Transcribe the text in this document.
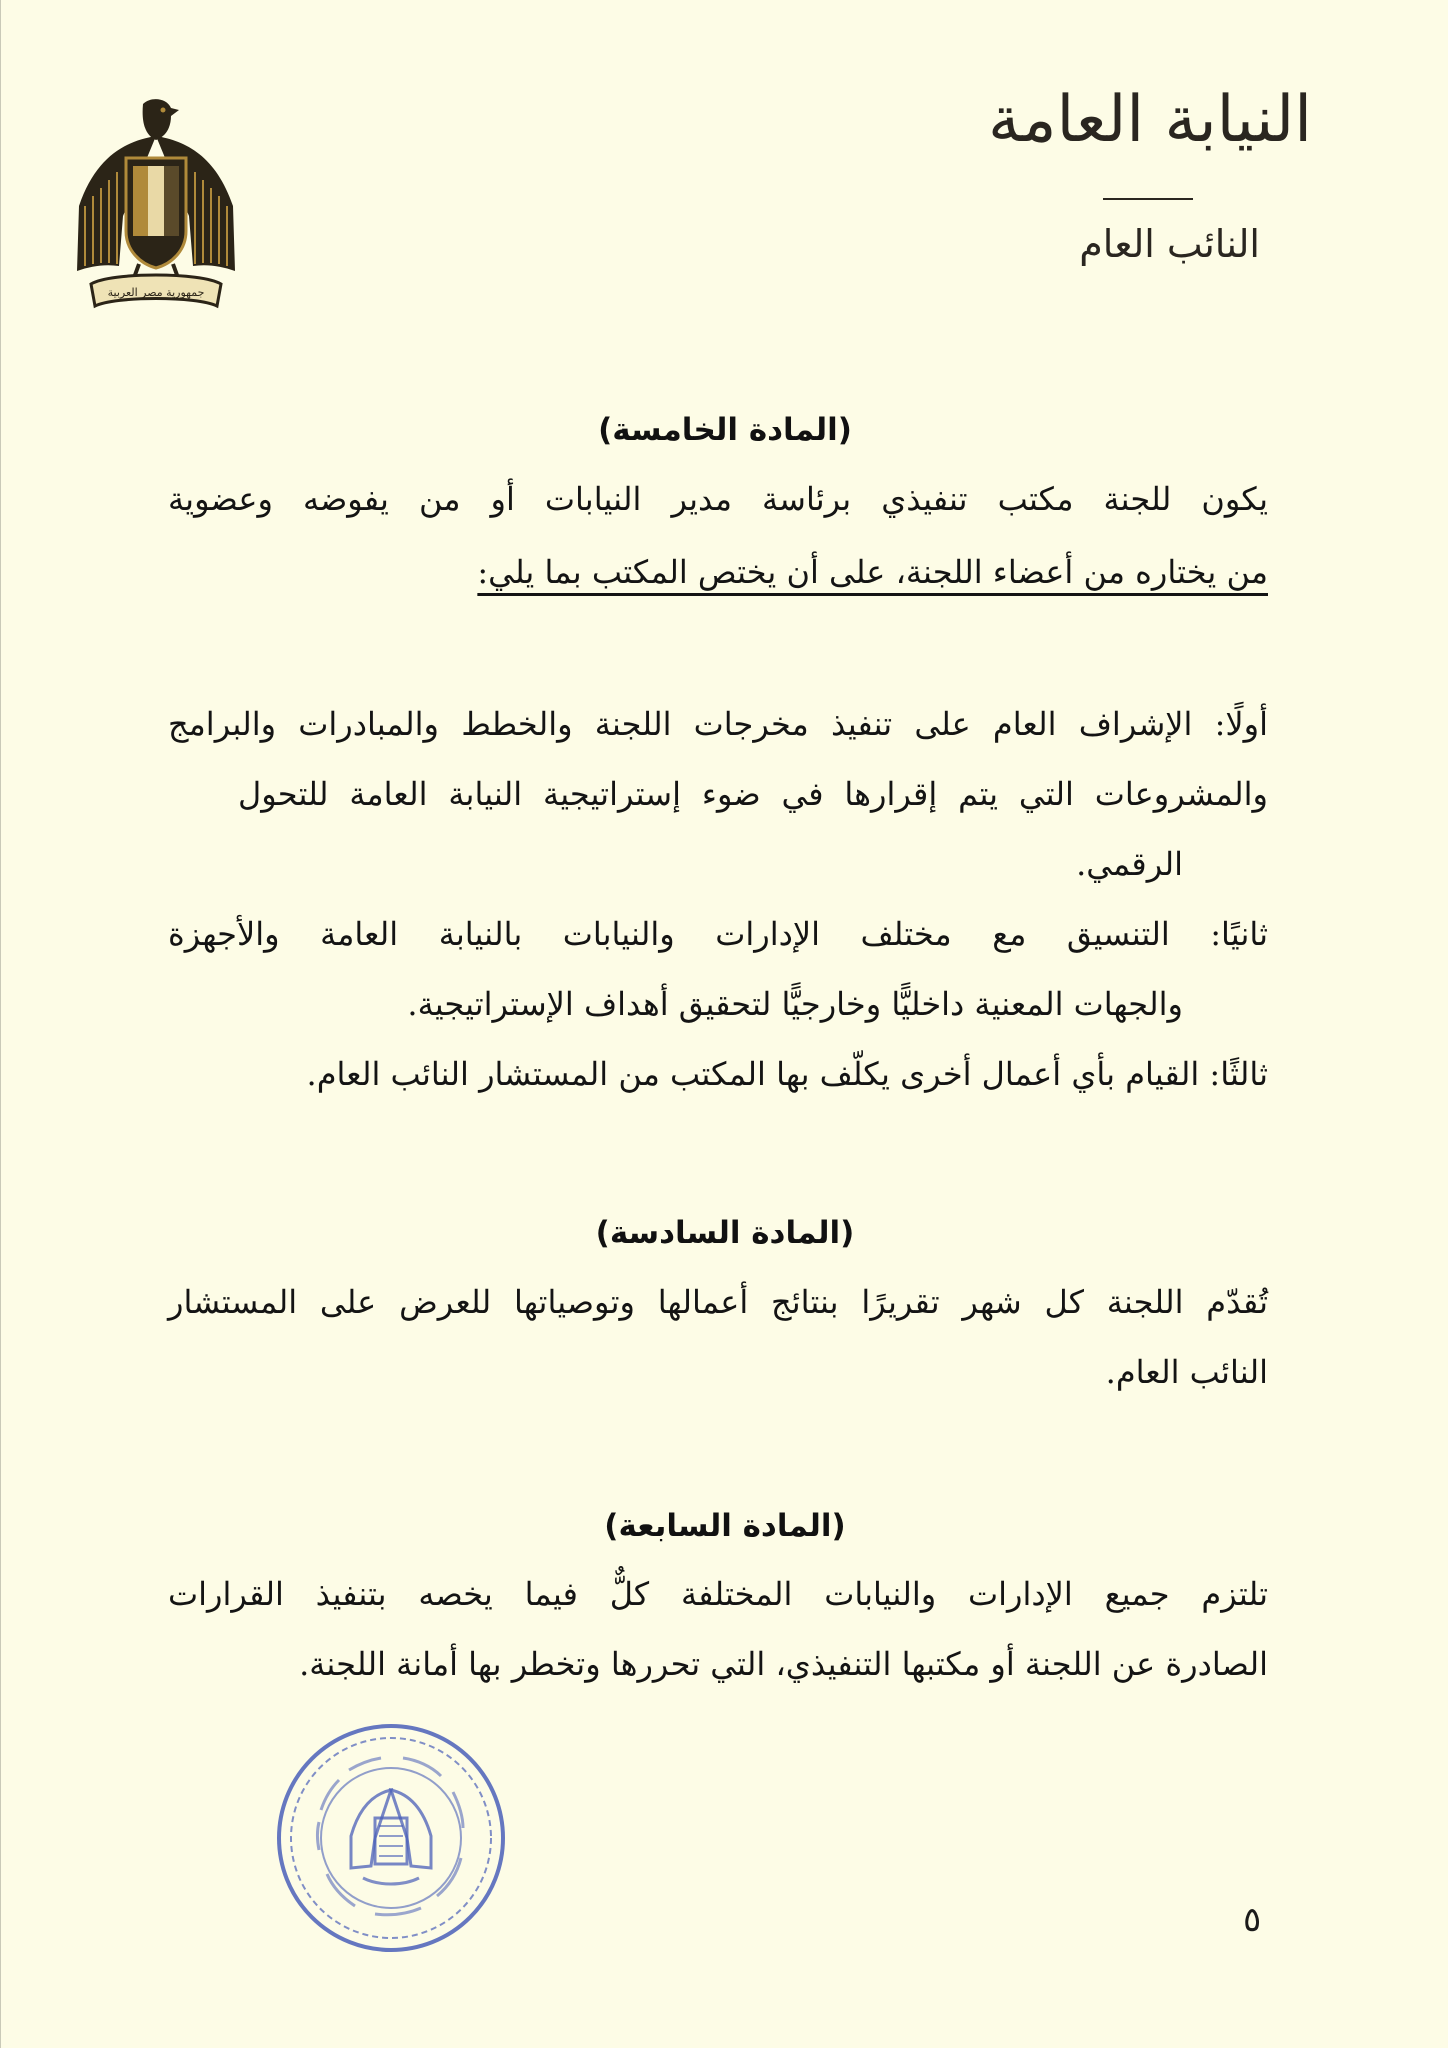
جمهورية مصر العربية
النيابة العامة
النائب العام
(المادة الخامسة)
يكون للجنة مكتب تنفيذي برئاسة مدير النيابات أو من يفوضه وعضوية
من يختاره من أعضاء اللجنة، على أن يختص المكتب بما يلي:
أولًا: الإشراف العام على تنفيذ مخرجات اللجنة والخطط والمبادرات والبرامج
والمشروعات التي يتم إقرارها في ضوء إستراتيجية النيابة العامة للتحول
الرقمي.
ثانيًا: التنسيق مع مختلف الإدارات والنيابات بالنيابة العامة والأجهزة
والجهات المعنية داخليًّا وخارجيًّا لتحقيق أهداف الإستراتيجية.
ثالثًا: القيام بأي أعمال أخرى يكلّف بها المكتب من المستشار النائب العام.
(المادة السادسة)
تُقدّم اللجنة كل شهر تقريرًا بنتائج أعمالها وتوصياتها للعرض على المستشار
النائب العام.
(المادة السابعة)
تلتزم جميع الإدارات والنيابات المختلفة كلٌّ فيما يخصه بتنفيذ القرارات
الصادرة عن اللجنة أو مكتبها التنفيذي، التي تحررها وتخطر بها أمانة اللجنة.
٥
